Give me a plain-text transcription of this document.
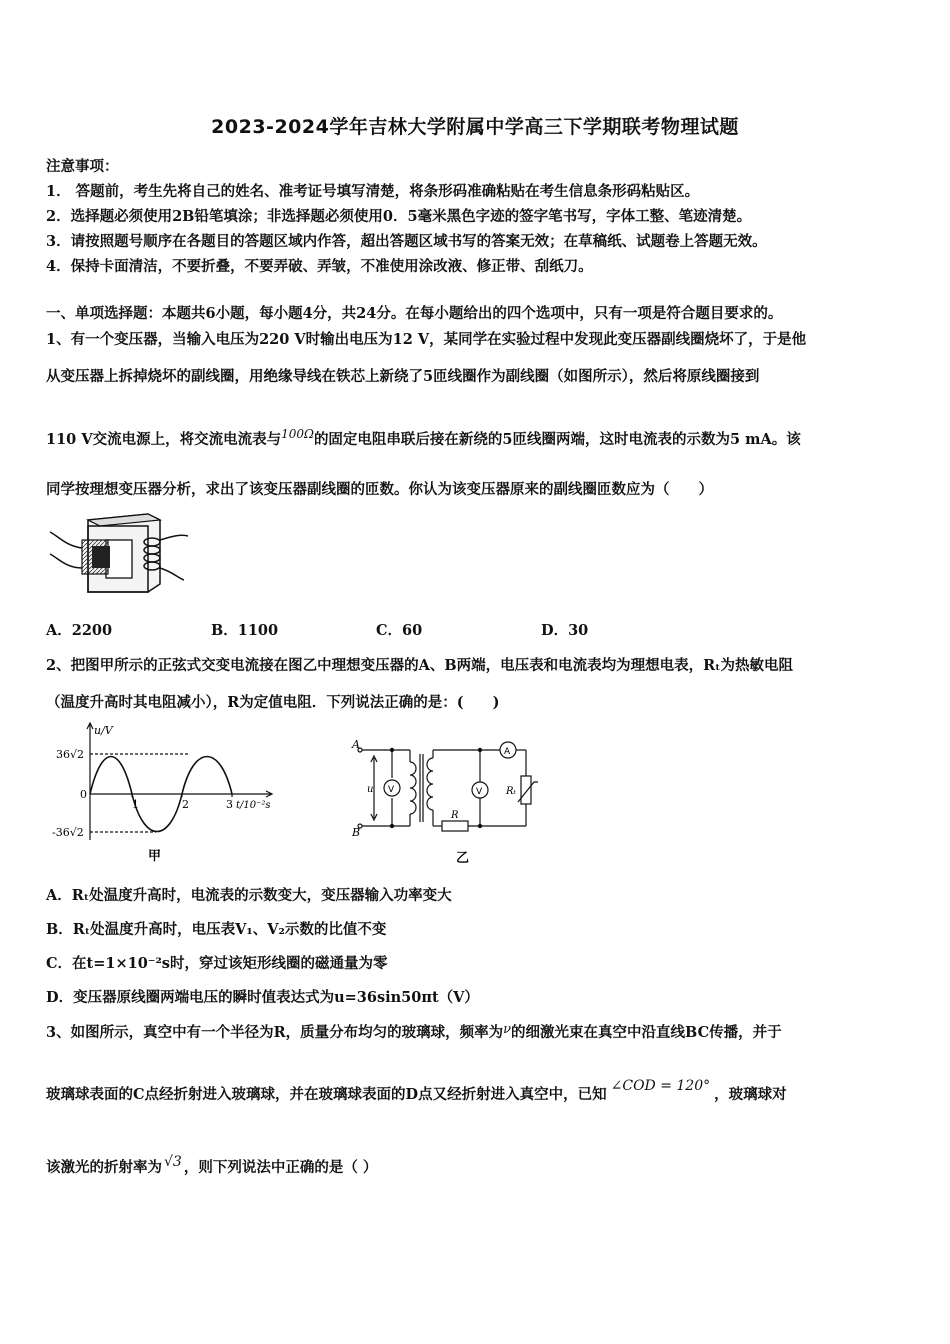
2023-2024学年吉林大学附属中学高三下学期联考物理试题
注意事项：
1． 答题前，考生先将自己的姓名、准考证号填写清楚，将条形码准确粘贴在考生信息条形码粘贴区。
2．选择题必须使用2B铅笔填涂；非选择题必须使用0．5毫米黑色字迹的签字笔书写，字体工整、笔迹清楚。
3．请按照题号顺序在各题目的答题区域内作答，超出答题区域书写的答案无效；在草稿纸、试题卷上答题无效。
4．保持卡面清洁，不要折叠，不要弄破、弄皱，不准使用涂改液、修正带、刮纸刀。
一、单项选择题：本题共6小题，每小题4分，共24分。在每小题给出的四个选项中，只有一项是符合题目要求的。
1、有一个变压器，当输入电压为220 V时输出电压为12 V，某同学在实验过程中发现此变压器副线圈烧坏了，于是他
从变压器上拆掉烧坏的副线圈，用绝缘导线在铁芯上新绕了5匝线圈作为副线圈（如图所示），然后将原线圈接到
110 V交流电源上，将交流电流表与$^{100\Omega}$的固定电阻串联后接在新绕的5匝线圈两端，这时电流表的示数为5 mA。该
同学按理想变压器分析，求出了该变压器副线圈的匝数。你认为该变压器原来的副线圈匝数应为（　　）
A．2200	B．1100	C．60	D．30
2、把图甲所示的正弦式交变电流接在图乙中理想变压器的A、B两端，电压表和电流表均为理想电表，Rₜ为热敏电阻
（温度升高时其电阻减小），R为定值电阻．下列说法正确的是：(　　)
u/V
36√2
-36√2
0
1	2	3 t/10⁻²s
甲
A
B
u V	V
A
R
Rₜ
乙
A．Rₜ处温度升高时，电流表的示数变大，变压器输入功率变大
B．Rₜ处温度升高时，电压表V₁、V₂示数的比值不变
C．在t=1×10⁻²s时，穿过该矩形线圈的磁通量为零
D．变压器原线圈两端电压的瞬时值表达式为u=36sin50πt（V）
3、如图所示，真空中有一个半径为R，质量分布均匀的玻璃球，频率为ν的细激光束在真空中沿直线BC传播，并于
玻璃球表面的C点经折射进入玻璃球，并在玻璃球表面的D点又经折射进入真空中，已知 ∠COD = 120° ，玻璃球对
该激光的折射率为 √3 ，则下列说法中正确的是（ ）
